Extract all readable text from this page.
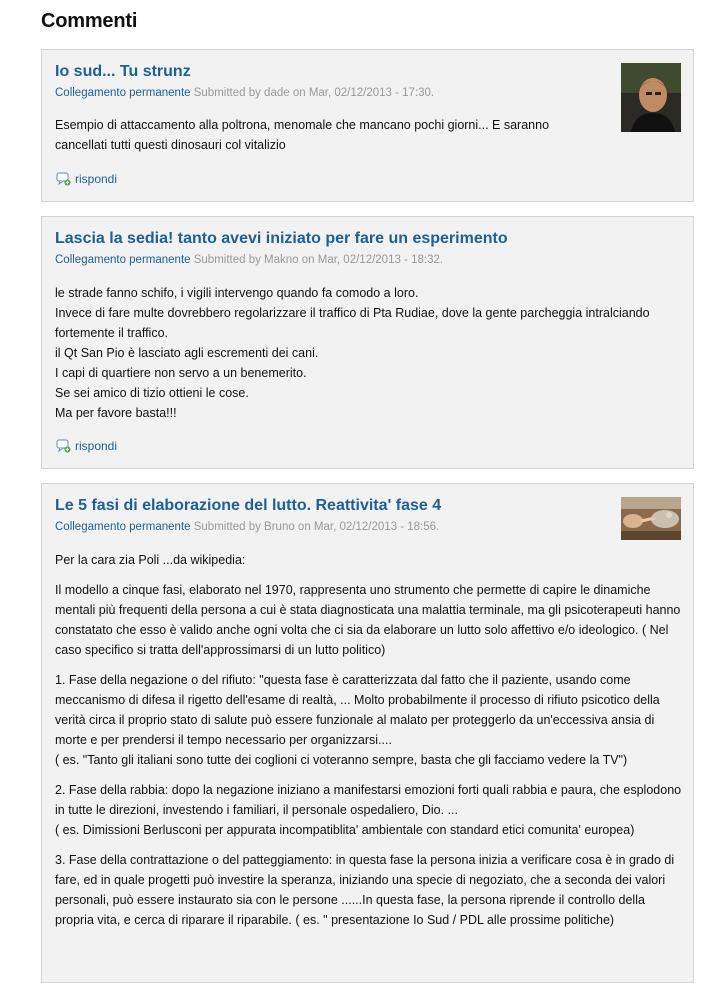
Commenti
Io sud... Tu strunz
Collegamento permanente Submitted by dade on Mar, 02/12/2013 - 17:30.

Esempio di attaccamento alla poltrona, menomale che mancano pochi giorni... E saranno cancellati tutti questi dinosauri col vitalizio

rispondi
Lascia la sedia! tanto avevi iniziato per fare un esperimento
Collegamento permanente Submitted by Makno on Mar, 02/12/2013 - 18:32.
le strade fanno schifo, i vigili intervengo quando fa comodo a loro.
Invece di fare multe dovrebbero regolarizzare il traffico di Pta Rudiae, dove la gente parcheggia intralciando fortemente il traffico.
il Qt San Pio è lasciato agli escrementi dei cani.
I capi di quartiere non servo a un benemerito.
Se sei amico di tizio ottieni le cose.
Ma per favore basta!!!
rispondi
Le 5 fasi di elaborazione del lutto. Reattivita' fase 4
Collegamento permanente Submitted by Bruno on Mar, 02/12/2013 - 18:56.

Per la cara zia Poli ...da wikipedia:

Il modello a cinque fasi, elaborato nel 1970, rappresenta uno strumento che permette di capire le dinamiche mentali più frequenti della persona a cui è stata diagnosticata una malattia terminale, ma gli psicoterapeuti hanno constatato che esso è valido anche ogni volta che ci sia da elaborare un lutto solo affettivo e/o ideologico. ( Nel caso specifico si tratta dell'approssimarsi di un lutto politico)

1. Fase della negazione o del rifiuto: "questa fase è caratterizzata dal fatto che il paziente, usando come meccanismo di difesa il rigetto dell'esame di realtà, ... Molto probabilmente il processo di rifiuto psicotico della verità circa il proprio stato di salute può essere funzionale al malato per proteggerlo da un'eccessiva ansia di morte e per prendersi il tempo necessario per organizzarsi....

( es. "Tanto gli italiani sono tutte dei coglioni ci voteranno sempre, basta che gli facciamo vedere la TV")

2. Fase della rabbia: dopo la negazione iniziano a manifestarsi emozioni forti quali rabbia e paura, che esplodono in tutte le direzioni, investendo i familiari, il personale ospedaliero, Dio. ...

( es. Dimissioni Berlusconi per appurata incompatiblita' ambientale con standard etici comunita' europea)

3. Fase della contrattazione o del patteggiamento: in questa fase la persona inizia a verificare cosa è in grado di fare, ed in quale progetti può investire la speranza, iniziando una specie di negoziato, che a seconda dei valori personali, può essere instaurato sia con le persone ......In questa fase, la persona riprende il controllo della propria vita, e cerca di riparare il riparabile. ( es. " presentazione Io Sud / PDL alle prossime politiche)
